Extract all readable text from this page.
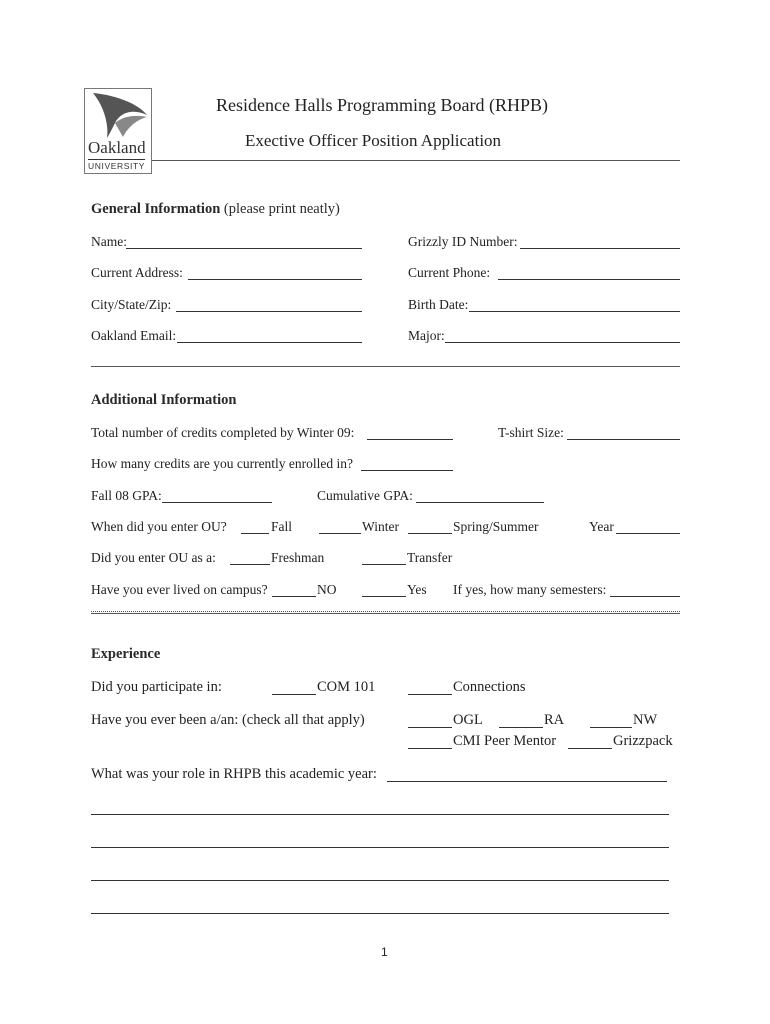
Oakland
UNIVERSITY
Residence Halls Programming Board (RHPB)
Exective Officer Position Application
General Information (please print neatly)
Name:	Grizzly ID Number:
Current Address:	Current Phone:
City/State/Zip:	Birth Date:
Oakland Email:	Major:
Additional Information
Total number of credits completed by Winter 09:	T-shirt Size:
How many credits are you currently enrolled in?
Fall 08 GPA:	Cumulative GPA:
When did you enter OU?	Fall	Winter	Spring/Summer	Year
Did you enter OU as a:	Freshman	Transfer
Have you ever lived on campus?	NO	Yes If yes, how many semesters:
Experience
Did you participate in:	COM 101	Connections
Have you ever been a/an: (check all that apply)	OGL	RA	NW
CMI Peer Mentor	Grizzpack
What was your role in RHPB this academic year:
1
